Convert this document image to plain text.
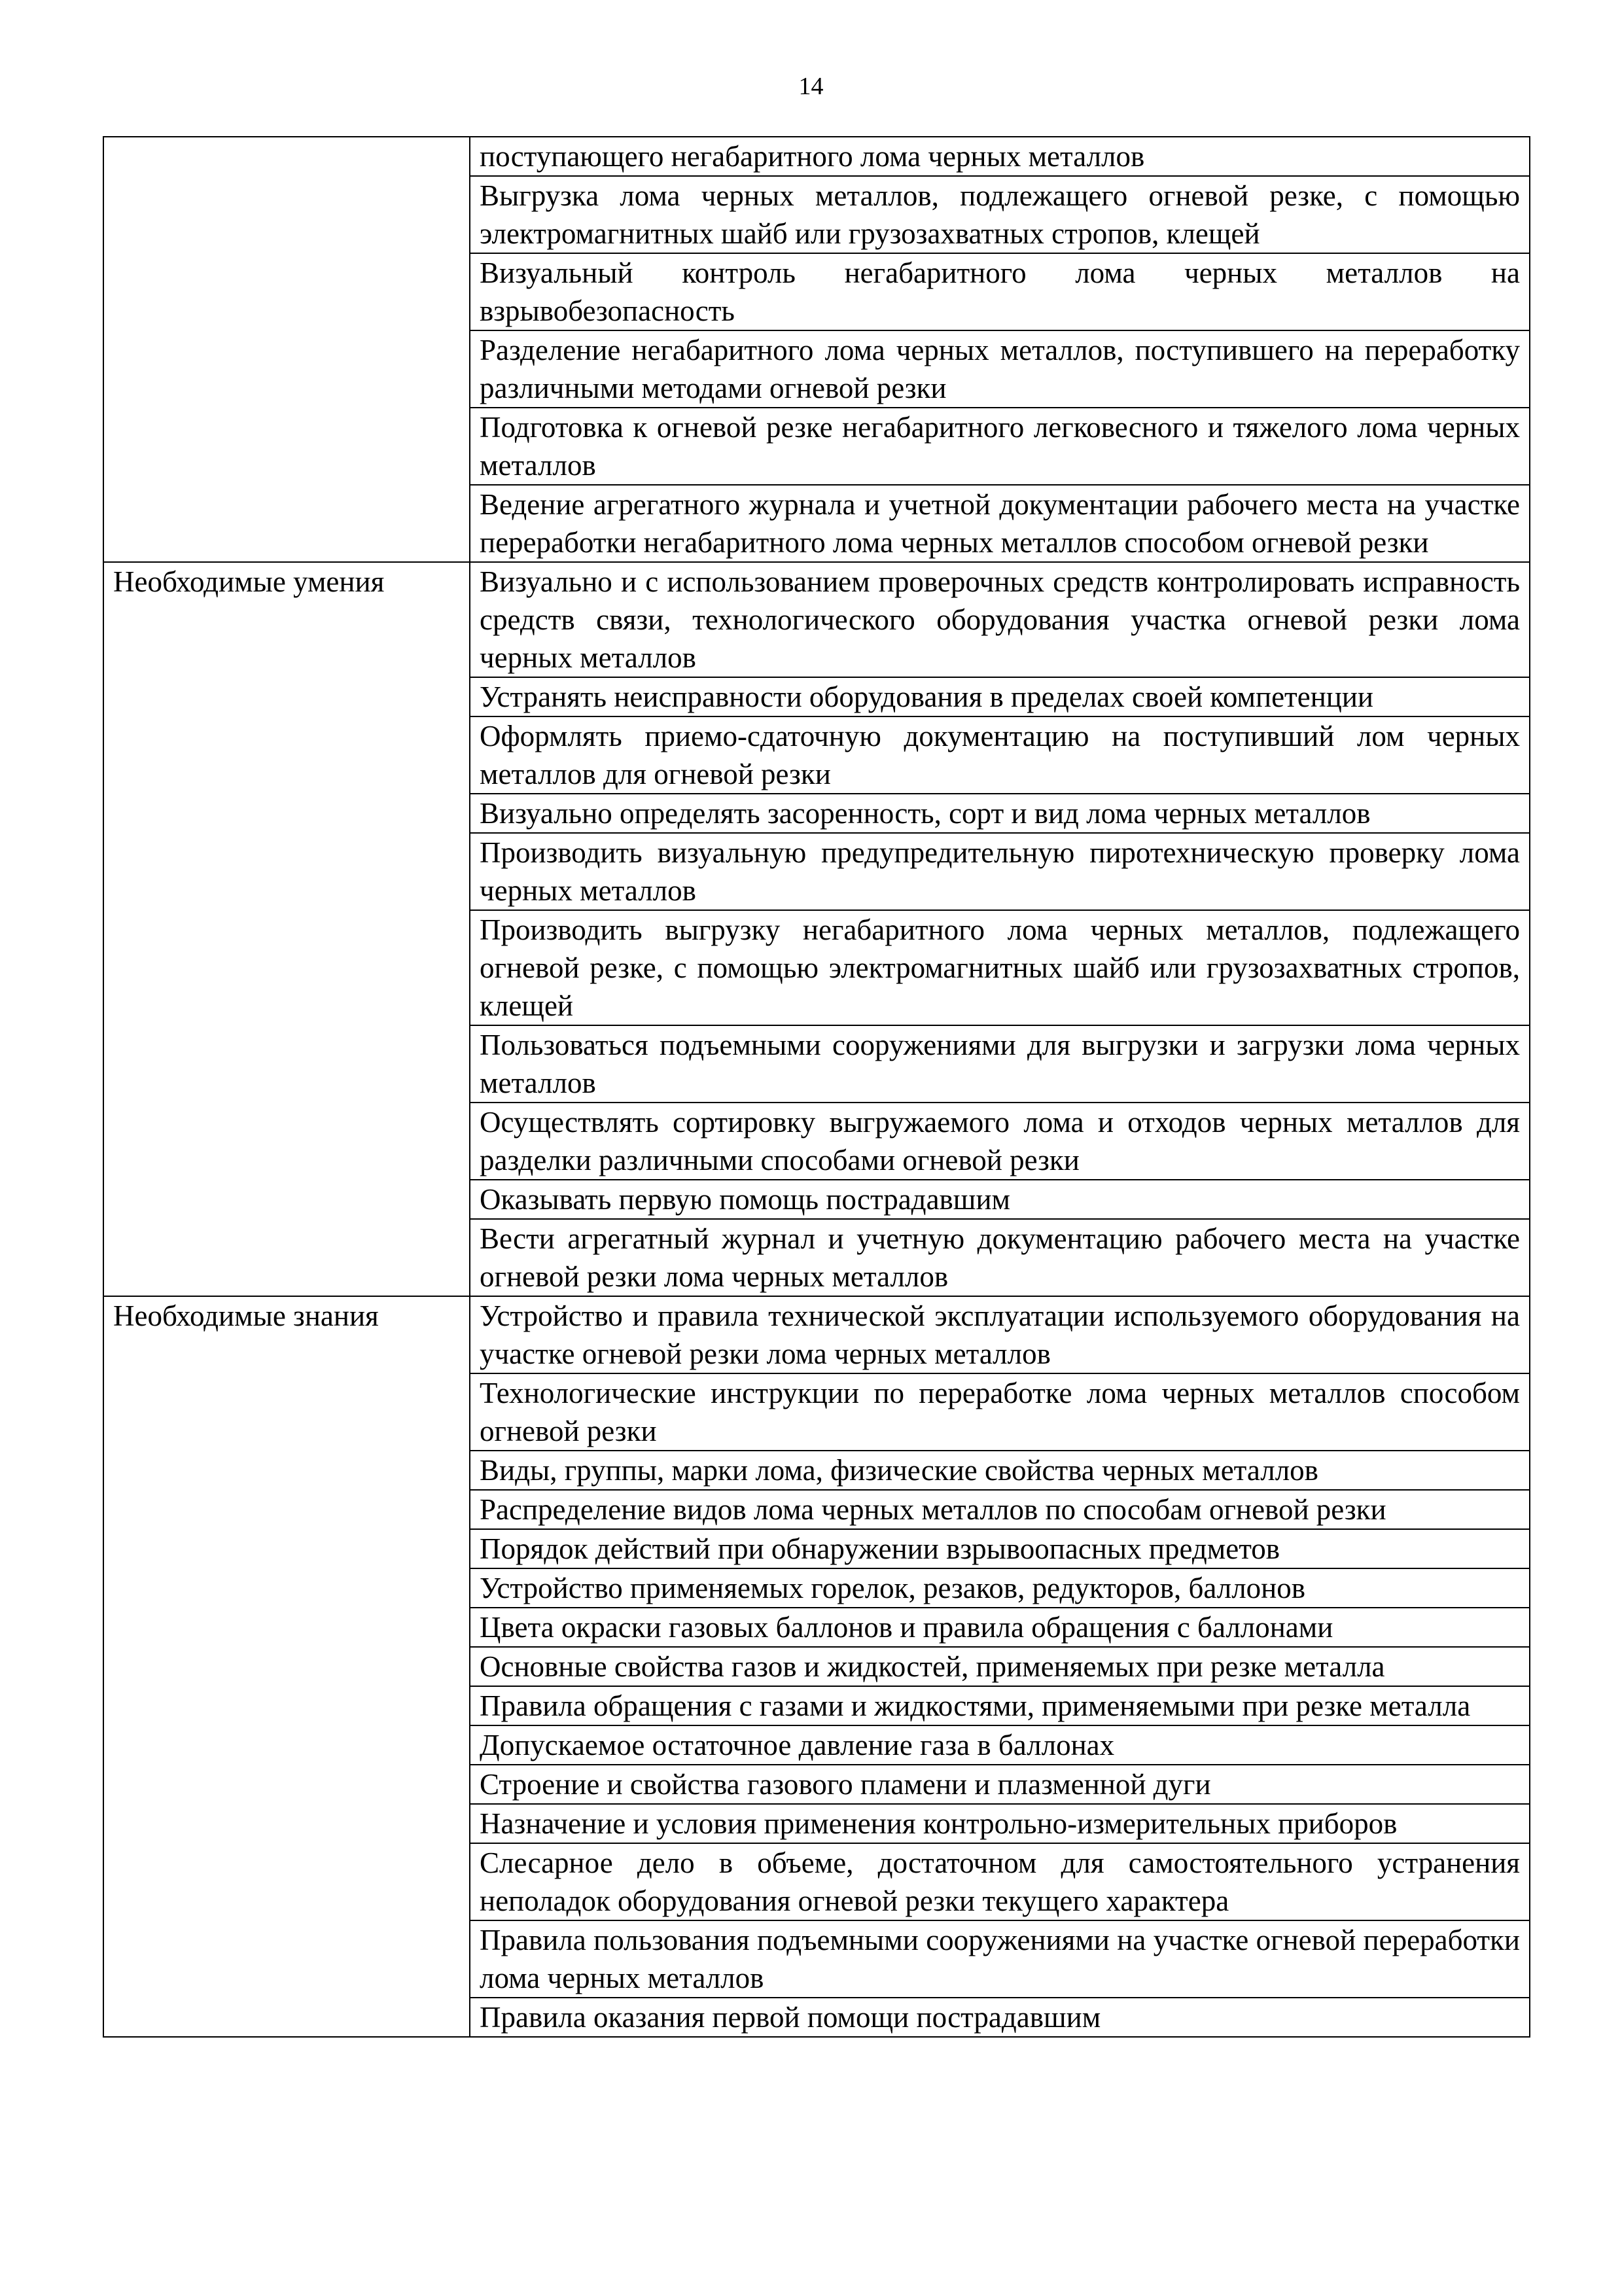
14
	поступающего негабаритного лома черных металлов
	Выгрузка лома черных металлов, подлежащего огневой резке, с помощью электромагнитных шайб или грузозахватных стропов, клещей
	Визуальный контроль негабаритного лома черных металлов на взрывобезопасность
	Разделение негабаритного лома черных металлов, поступившего на переработку различными методами огневой резки
	Подготовка к огневой резке негабаритного легковесного и тяжелого лома черных металлов
	Ведение агрегатного журнала и учетной документации рабочего места на участке переработки негабаритного лома черных металлов способом огневой резки
Необходимые умения	Визуально и с использованием проверочных средств контролировать исправность средств связи, технологического оборудования участка огневой резки лома черных металлов
	Устранять неисправности оборудования в пределах своей компетенции
	Оформлять приемо-сдаточную документацию на поступивший лом черных металлов для огневой резки
	Визуально определять засоренность, сорт и вид лома черных металлов
	Производить визуальную предупредительную пиротехническую проверку лома черных металлов
	Производить выгрузку негабаритного лома черных металлов, подлежащего огневой резке, с помощью электромагнитных шайб или грузозахватных стропов, клещей
	Пользоваться подъемными сооружениями для выгрузки и загрузки лома черных металлов
	Осуществлять сортировку выгружаемого лома и отходов черных металлов для разделки различными способами огневой резки
	Оказывать первую помощь пострадавшим
	Вести агрегатный журнал и учетную документацию рабочего места на участке огневой резки лома черных металлов
Необходимые знания	Устройство и правила технической эксплуатации используемого оборудования на участке огневой резки лома черных металлов
	Технологические инструкции по переработке лома черных металлов способом огневой резки
	Виды, группы, марки лома, физические свойства черных металлов
	Распределение видов лома черных металлов по способам огневой резки
	Порядок действий при обнаружении взрывоопасных предметов
	Устройство применяемых горелок, резаков, редукторов, баллонов
	Цвета окраски газовых баллонов и правила обращения с баллонами
	Основные свойства газов и жидкостей, применяемых при резке металла
	Правила обращения с газами и жидкостями, применяемыми при резке металла
	Допускаемое остаточное давление газа в баллонах
	Строение и свойства газового пламени и плазменной дуги
	Назначение и условия применения контрольно-измерительных приборов
	Слесарное дело в объеме, достаточном для самостоятельного устранения неполадок оборудования огневой резки текущего характера
	Правила пользования подъемными сооружениями на участке огневой переработки лома черных металлов
	Правила оказания первой помощи пострадавшим
